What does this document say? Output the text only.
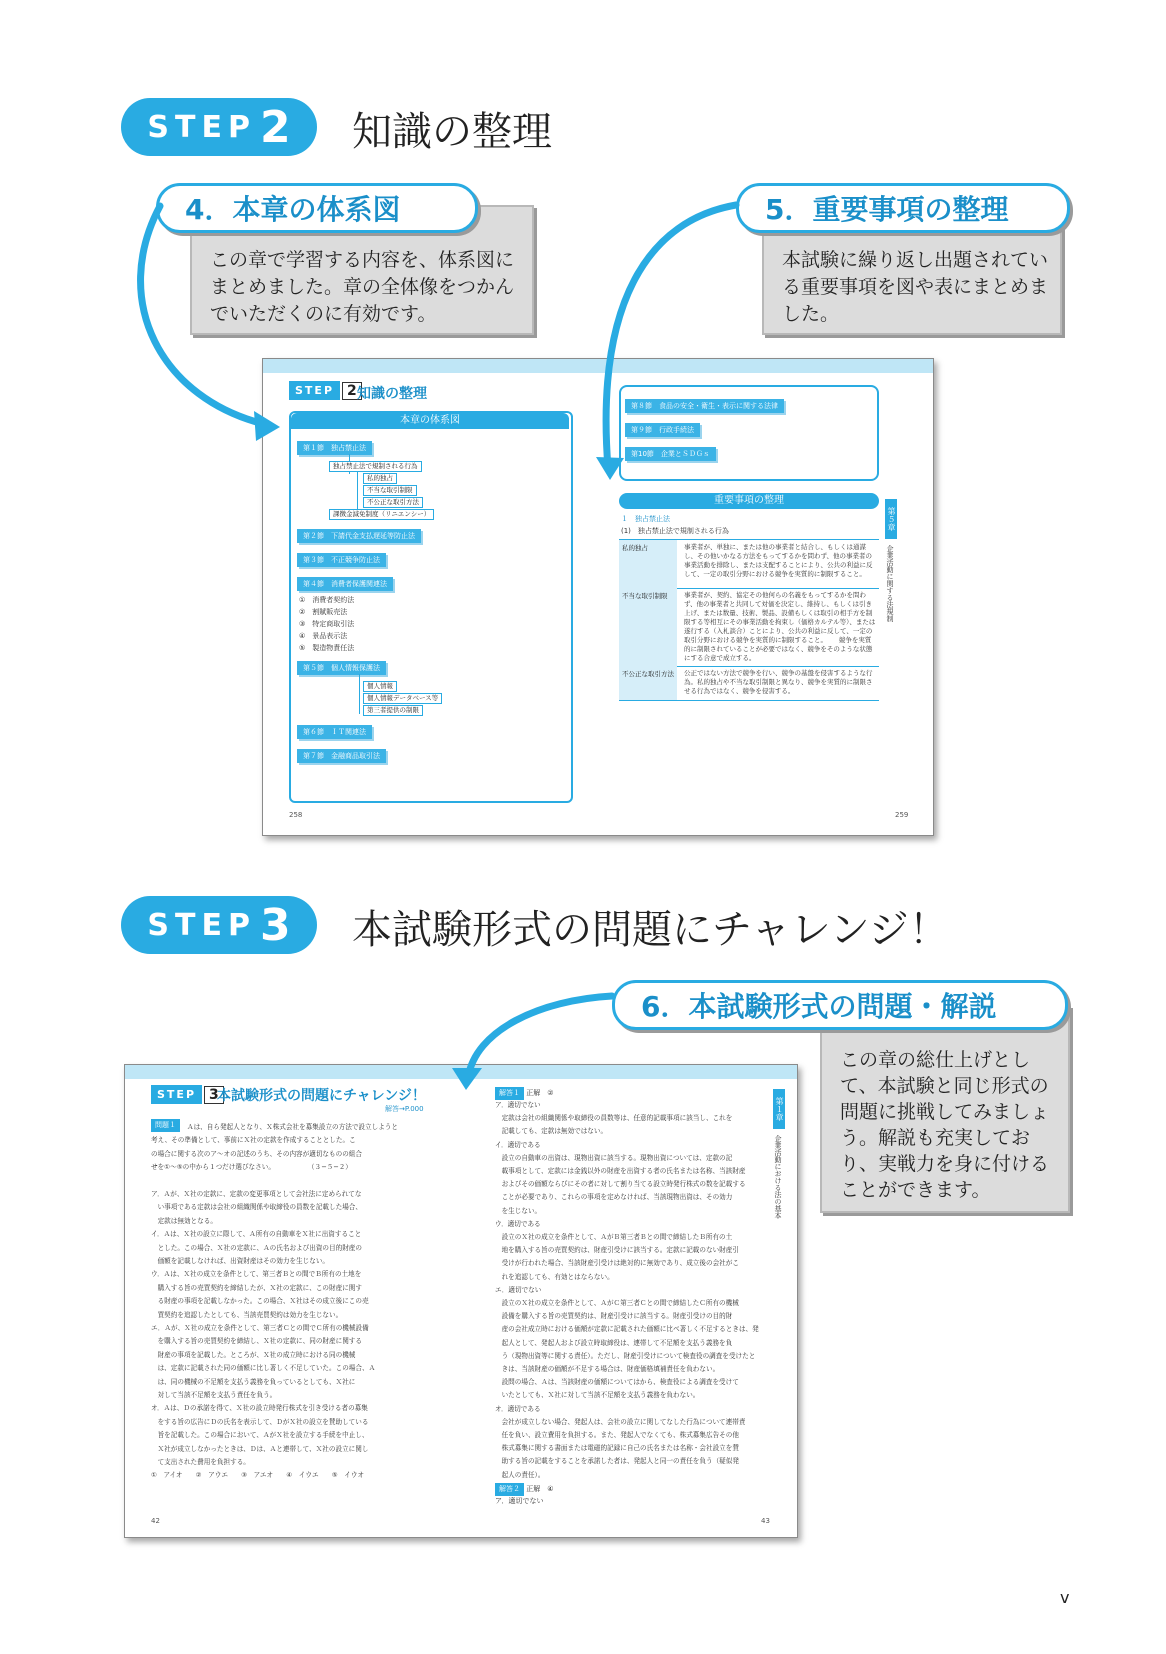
STEP 2 知識の整理
この章で学習する内容を、体系図に
まとめました。章の全体像をつかん
でいただくのに有効です。
4．本章の体系図
本試験に繰り返し出題されてい
る重要事項を図や表にまとめま
した。
5．重要事項の整理
STEP 2 知識の整理
本章の体系図
第１節　独占禁止法
独占禁止法で規制される行為
私的独占
不当な取引制限
不公正な取引方法
課徴金減免制度（リニエンシー）
第２節　下請代金支払遅延等防止法
第３節　不正競争防止法
第４節　消費者保護関連法
①　消費者契約法
②　割賦販売法
③　特定商取引法
④　景品表示法
⑤　製造物責任法
第５節　個人情報保護法
個人情報
個人情報データベース等
第三者提供の制限
第６節　ＩＴ関連法
第７節　金融商品取引法
第８節　食品の安全・衛生・表示に関する法律
第９節　行政手続法
第10節　企業とＳＤＧｓ
重要事項の整理
１　独占禁止法
(1)　独占禁止法で規制される行為
私的独占	事業者が、単独に、または他の事業者と結合し、もしくは通謀し、その他いかなる方法をもってするかを問わず、他の事業者の事業活動を排除し、または支配することにより、公共の利益に反して、一定の取引分野における競争を実質的に制限すること。
不当な取引制限	事業者が、契約、協定その他何らの名義をもってするかを問わず、他の事業者と共同して対価を決定し、維持し、もしくは引き上げ、または数量、技術、製品、設備もしくは取引の相手方を制限する等相互にその事業活動を拘束し（価格カルテル等）、または遂行する（入札談合）ことにより、公共の利益に反して、一定の取引分野における競争を実質的に制限すること。　　 競争を実質的に制限されていることが必要ではなく、競争をそのような状態にする合意で成立する。
不公正な取引方法	公正ではない方法で競争を行い、競争の基盤を侵害するような行為。私的独占や不当な取引制限と異なり、競争を実質的に制限させる行為ではなく、競争を侵害する。
第５章
企業活動に関する法規制
258	259
STEP 3 本試験形式の問題にチャレンジ！
この章の総仕上げとし
て、本試験と同じ形式の
問題に挑戦してみましょ
う。解説も充実してお
り、実戦力を身に付ける
ことができます。
6．本試験形式の問題・解説
STEP 3
本試験形式の問題にチャレンジ！
解答→P.000
問題１
解答１ 正解　②
解答２ 正解　④
ア．適切でない
第１章
企業活動における法の基本
42	43
Ａは、自ら発起人となり、Ｘ株式会社を募集設立の方法で設立しようと
考え、その準備として、事前にＸ社の定款を作成することとした。こ
の場合に関する次のア〜オの記述のうち、その内容が適切なものの組合
せを①〜⑤の中から１つだけ選びなさい。　　　　　　（３−５−２）
ア．Ａが、Ｘ社の定款に、定款の変更事項として会社法に定められてな
　い事項である定款は会社の組織関係や取締役の員数を記載した場合、
　定款は無効となる。
イ．Ａは、Ｘ社の設立に際して、Ａ所有の自動車をＸ社に出資すること
　とした。この場合、Ｘ社の定款に、Ａの氏名および出資の目的財産の
　価額を記載しなければ、出資財産はその効力を生じない。
ウ．Ａは、Ｘ社の成立を条件として、第三者Ｂとの間でＢ所有の土地を
　購入する旨の売買契約を締結したが、Ｘ社の定款に、この財産に関す
　る財産の事項を記載しなかった。この場合、Ｘ社はその成立後にこの売
　買契約を追認したとしても、当該売買契約は効力を生じない。
エ．Ａが、Ｘ社の成立を条件として、第三者Ｃとの間でＣ所有の機械設備
　を購入する旨の売買契約を締結し、Ｘ社の定款に、同の財産に関する
　財産の事項を記載した。ところが、Ｘ社の成立時における同の機械
　は、定款に記載された同の価額に比し著しく不足していた。この場合、Ａ
　は、同の機械の不足額を支払う義務を負っているとしても、Ｘ社に
　対して当該不足額を支払う責任を負う。
オ．Ａは、Ｄの承諾を得て、Ｘ社の設立時発行株式を引き受ける者の募集
　をする旨の広告にＤの氏名を表示して、ＤがＸ社の設立を賛助している
　旨を記載した。この場合において、ＡがＸ社を設立する手続を中止し、
　Ｘ社が成立しなかったときは、Ｄは、Ａと連帯して、Ｘ社の設立に関し
　て支出された費用を負担する。
①　アイオ　　②　アウエ　　③　アエオ　　④　イウエ　　⑤　イウオ
ア．適切でない
　定款は会社の組織関係や取締役の員数等は、任意的記載事項に該当し、これを
　記載しても、定款は無効ではない。
イ．適切である
　設立の自動車の出資は、現物出資に該当する。現物出資については、定款の記
　載事項として、定款には金銭以外の財産を出資する者の氏名または名称、当該財産
　およびその価額ならびにその者に対して割り当てる設立時発行株式の数を記載する
　ことが必要であり、これらの事項を定めなければ、当該現物出資は、その効力
　を生じない。
ウ．適切である
　設立のＸ社の成立を条件として、ＡがＢ第三者Ｂとの間で締結したＢ所有の土
　地を購入する旨の売買契約は、財産引受けに該当する。定款に記載のない財産引
　受けが行われた場合、当該財産引受けは絶対的に無効であり、成立後の会社がこ
　れを追認しても、有効とはならない。
エ．適切でない
　設立のＸ社の成立を条件として、ＡがＣ第三者Ｃとの間で締結したＣ所有の機械
　設備を購入する旨の売買契約は、財産引受けに該当する。財産引受けの目的財
　産の会社成立時における価額が定款に記載された価額に比べ著しく不足するときは、発
　起人として、発起人および設立時取締役は、連帯して不足額を支払う義務を負
　う（現物出資等に関する責任）。ただし、財産引受けについて検査役の調査を受けたと
　きは、当該財産の価額が不足する場合は、財産価格填補責任を負わない。
　設問の場合、Ａは、当該財産の価額についてはから、検査役による調査を受けて
　いたとしても、Ｘ社に対して当該不足額を支払う義務を負わない。
オ．適切である
　会社が成立しない場合、発起人は、会社の設立に関してなした行為について連帯責
　任を負い、設立費用を負担する。また、発起人でなくても、株式募集広告その他
　株式募集に関する書面または電磁的記録に自己の氏名または名称・会社設立を賛
　助する旨の記載をすることを承諾した者は、発起人と同一の責任を負う（疑似発
　起人の責任）。
v
